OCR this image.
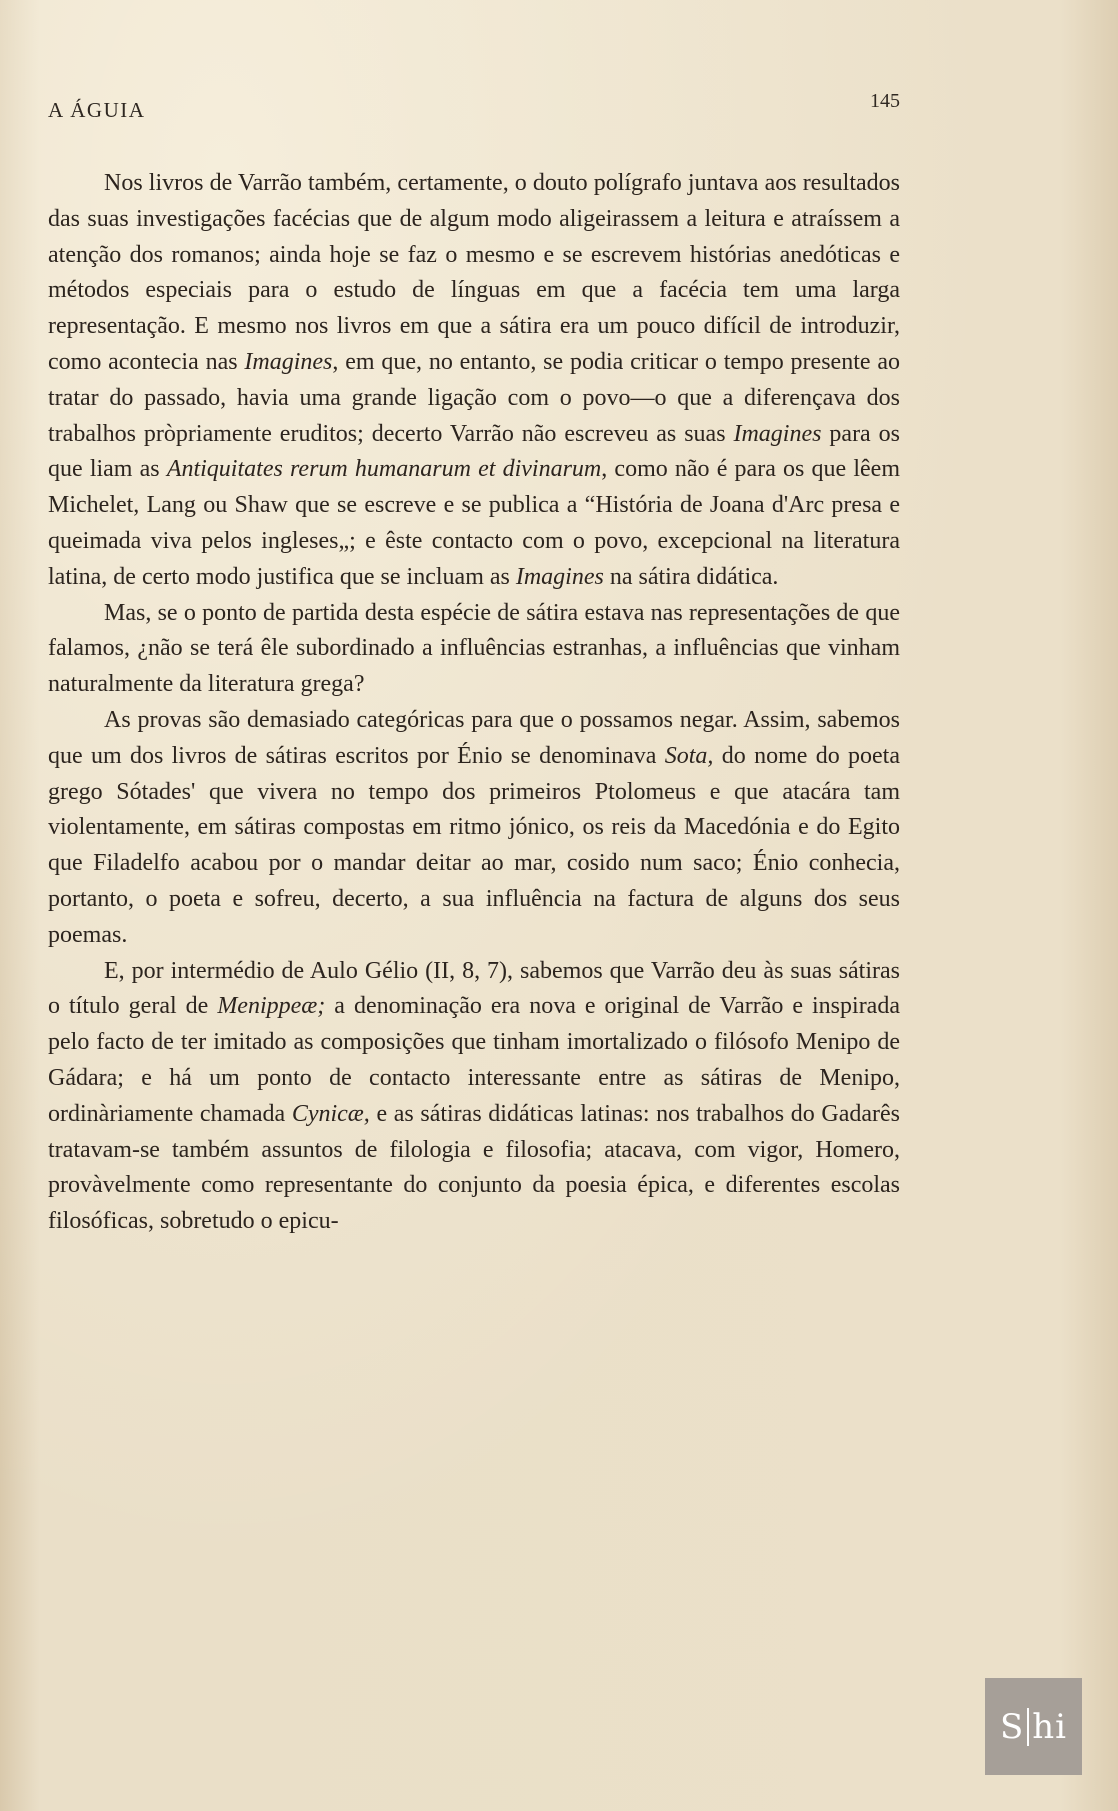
A ÁGUIA	145

Nos livros de Varrão também, certamente, o douto polígrafo juntava aos resultados das suas investigações facécias que de algum modo aligeirassem a leitura e atraíssem a atenção dos romanos; ainda hoje se faz o mesmo e se escrevem histórias anedóticas e métodos especiais para o estudo de línguas em que a facécia tem uma larga representação. E mesmo nos livros em que a sátira era um pouco difícil de introduzir, como acontecia nas Imagines, em que, no entanto, se podia criticar o tempo presente ao tratar do passado, havia uma grande ligação com o povo—o que a diferençava dos trabalhos pròpriamente eruditos; decerto Varrão não escreveu as suas Imagines para os que liam as Antiquitates rerum humanarum et divinarum, como não é para os que lêem Michelet, Lang ou Shaw que se escreve e se publica a “História de Joana d'Arc presa e queimada viva pelos ingleses„; e êste contacto com o povo, excepcional na literatura latina, de certo modo justifica que se incluam as Imagines na sátira didática.

Mas, se o ponto de partida desta espécie de sátira estava nas representações de que falamos, ¿não se terá êle subordinado a influências estranhas, a influências que vinham naturalmente da literatura grega?

As provas são demasiado categóricas para que o possamos negar. Assim, sabemos que um dos livros de sátiras escritos por Énio se denominava Sota, do nome do poeta grego Sótades' que vivera no tempo dos primeiros Ptolomeus e que atacára tam violentamente, em sátiras compostas em ritmo jónico, os reis da Macedónia e do Egito que Filadelfo acabou por o mandar deitar ao mar, cosido num saco; Énio conhecia, portanto, o poeta e sofreu, decerto, a sua influência na factura de alguns dos seus poemas.

E, por intermédio de Aulo Gélio (II, 8, 7), sabemos que Varrão deu às suas sátiras o título geral de Menippeæ; a denominação era nova e original de Varrão e inspirada pelo facto de ter imitado as composições que tinham imortalizado o filósofo Menipo de Gádara; e há um ponto de contacto interessante entre as sátiras de Menipo, ordinàriamente chamada Cynicæ, e as sátiras didáticas latinas: nos trabalhos do Gadarês tratavam-se também assuntos de filologia e filosofia; atacava, com vigor, Homero, provàvelmente como representante do conjunto da poesia épica, e diferentes escolas filosóficas, sobretudo o epicu-

S hi
